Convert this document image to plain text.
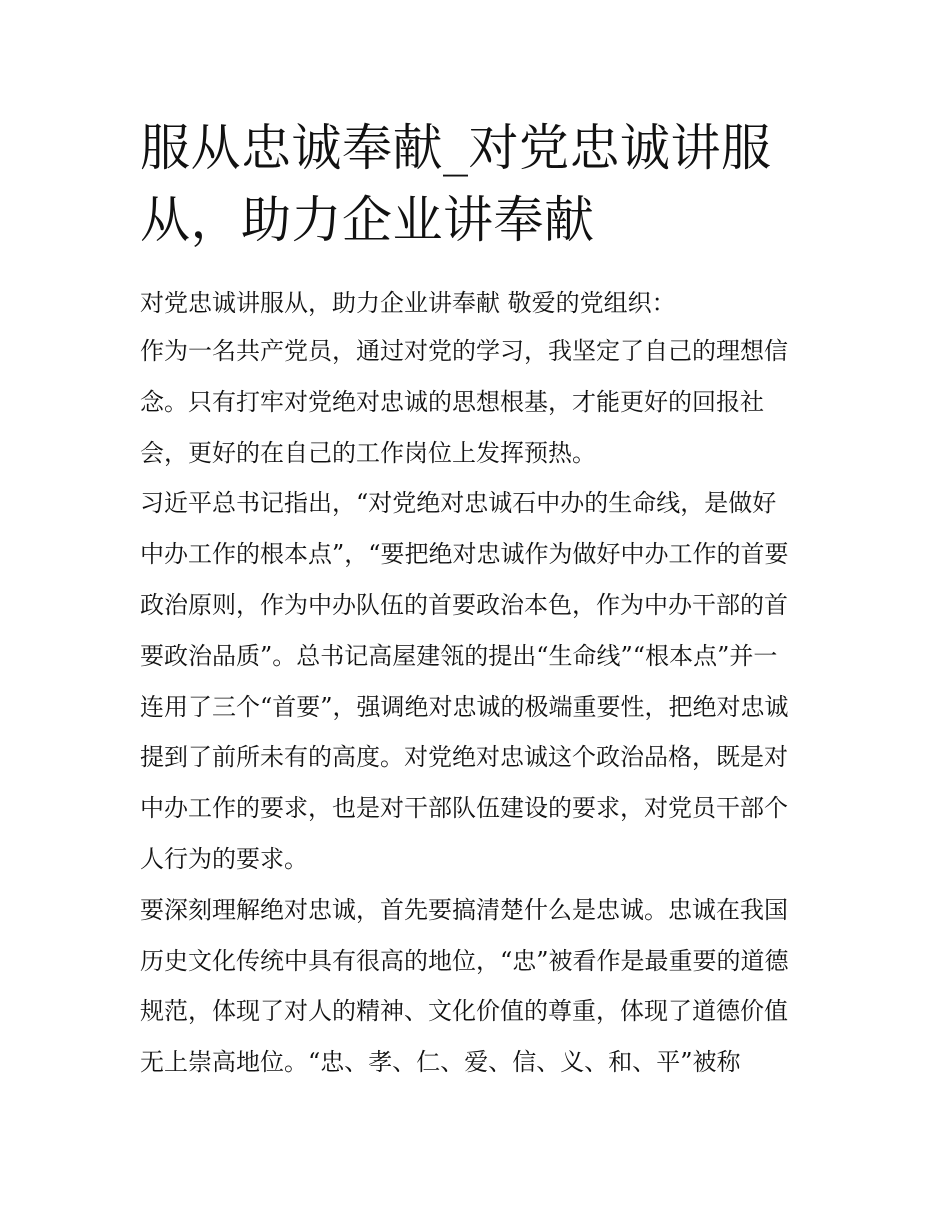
服从忠诚奉献_对党忠诚讲服
从，助力企业讲奉献
对党忠诚讲服从，助力企业讲奉献 敬爱的党组织：
作为一名共产党员，通过对党的学习，我坚定了自己的理想信
念。只有打牢对党绝对忠诚的思想根基，才能更好的回报社
会，更好的在自己的工作岗位上发挥预热。
习近平总书记指出，“对党绝对忠诚石中办的生命线，是做好
中办工作的根本点”，“要把绝对忠诚作为做好中办工作的首要
政治原则，作为中办队伍的首要政治本色，作为中办干部的首
要政治品质”。总书记高屋建瓴的提出“生命线”“根本点”并一
连用了三个“首要”，强调绝对忠诚的极端重要性，把绝对忠诚
提到了前所未有的高度。对党绝对忠诚这个政治品格，既是对
中办工作的要求，也是对干部队伍建设的要求，对党员干部个
人行为的要求。
要深刻理解绝对忠诚，首先要搞清楚什么是忠诚。忠诚在我国
历史文化传统中具有很高的地位，“忠”被看作是最重要的道德
规范，体现了对人的精神、文化价值的尊重，体现了道德价值
无上崇高地位。“忠、孝、仁、爱、信、义、和、平”被称
